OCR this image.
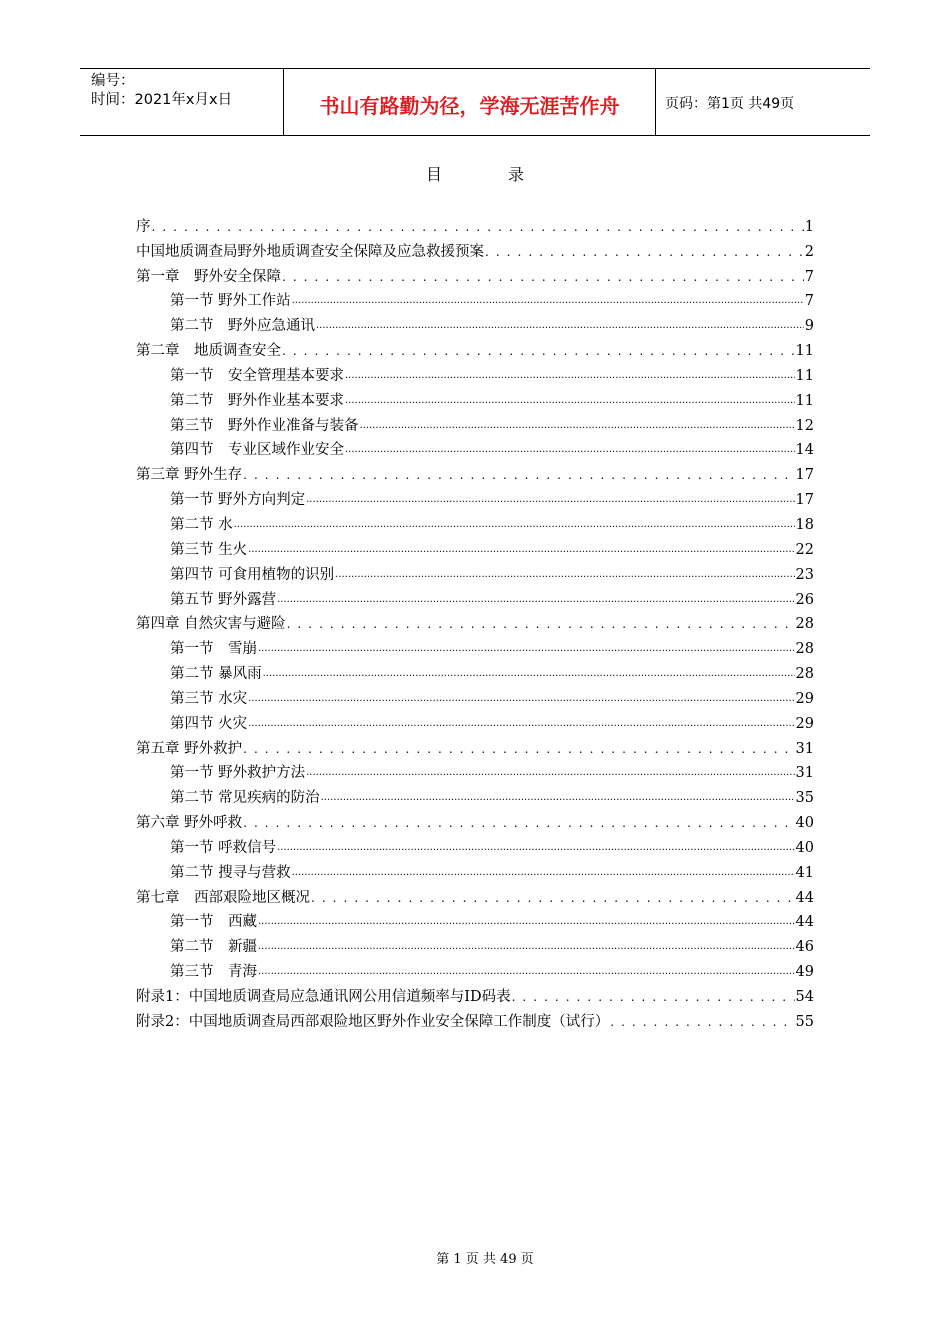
编号：
时间：2021年x月x日	书山有路勤为径，学海无涯苦作舟	页码：第1页 共49页
目	录
序 . . .	1
中国地质调查局野外地质调查安全保障及应急救援预案 . . .	2
第一章　野外安全保障 . . .	7
第一节 野外工作站 .....	7
第二节　野外应急通讯 .....	9
第二章　地质调查安全 . . .	11
第一节　安全管理基本要求 .....	11
第二节　野外作业基本要求 .....	11
第三节　野外作业准备与装备 .....	12
第四节　专业区域作业安全 .....	14
第三章 野外生存 . . .	17
第一节 野外方向判定 .....	17
第二节 水 .....	18
第三节 生火 .....	22
第四节 可食用植物的识别 .....	23
第五节 野外露营 .....	26
第四章 自然灾害与避险 . . .	28
第一节　雪崩 .....	28
第二节 暴风雨 .....	28
第三节 水灾 .....	29
第四节 火灾 .....	29
第五章 野外救护 . . .	31
第一节 野外救护方法 .....	31
第二节 常见疾病的防治 .....	35
第六章 野外呼救 . . .	40
第一节 呼救信号 .....	40
第二节 搜寻与营救 .....	41
第七章　西部艰险地区概况 . . .	44
第一节　西藏 .....	44
第二节　新疆 .....	46
第三节　青海 .....	49
附录1：中国地质调查局应急通讯网公用信道频率与ID码表 . . .	54
附录2：中国地质调查局西部艰险地区野外作业安全保障工作制度（试行） . . .	55
第 1 页 共 49 页
